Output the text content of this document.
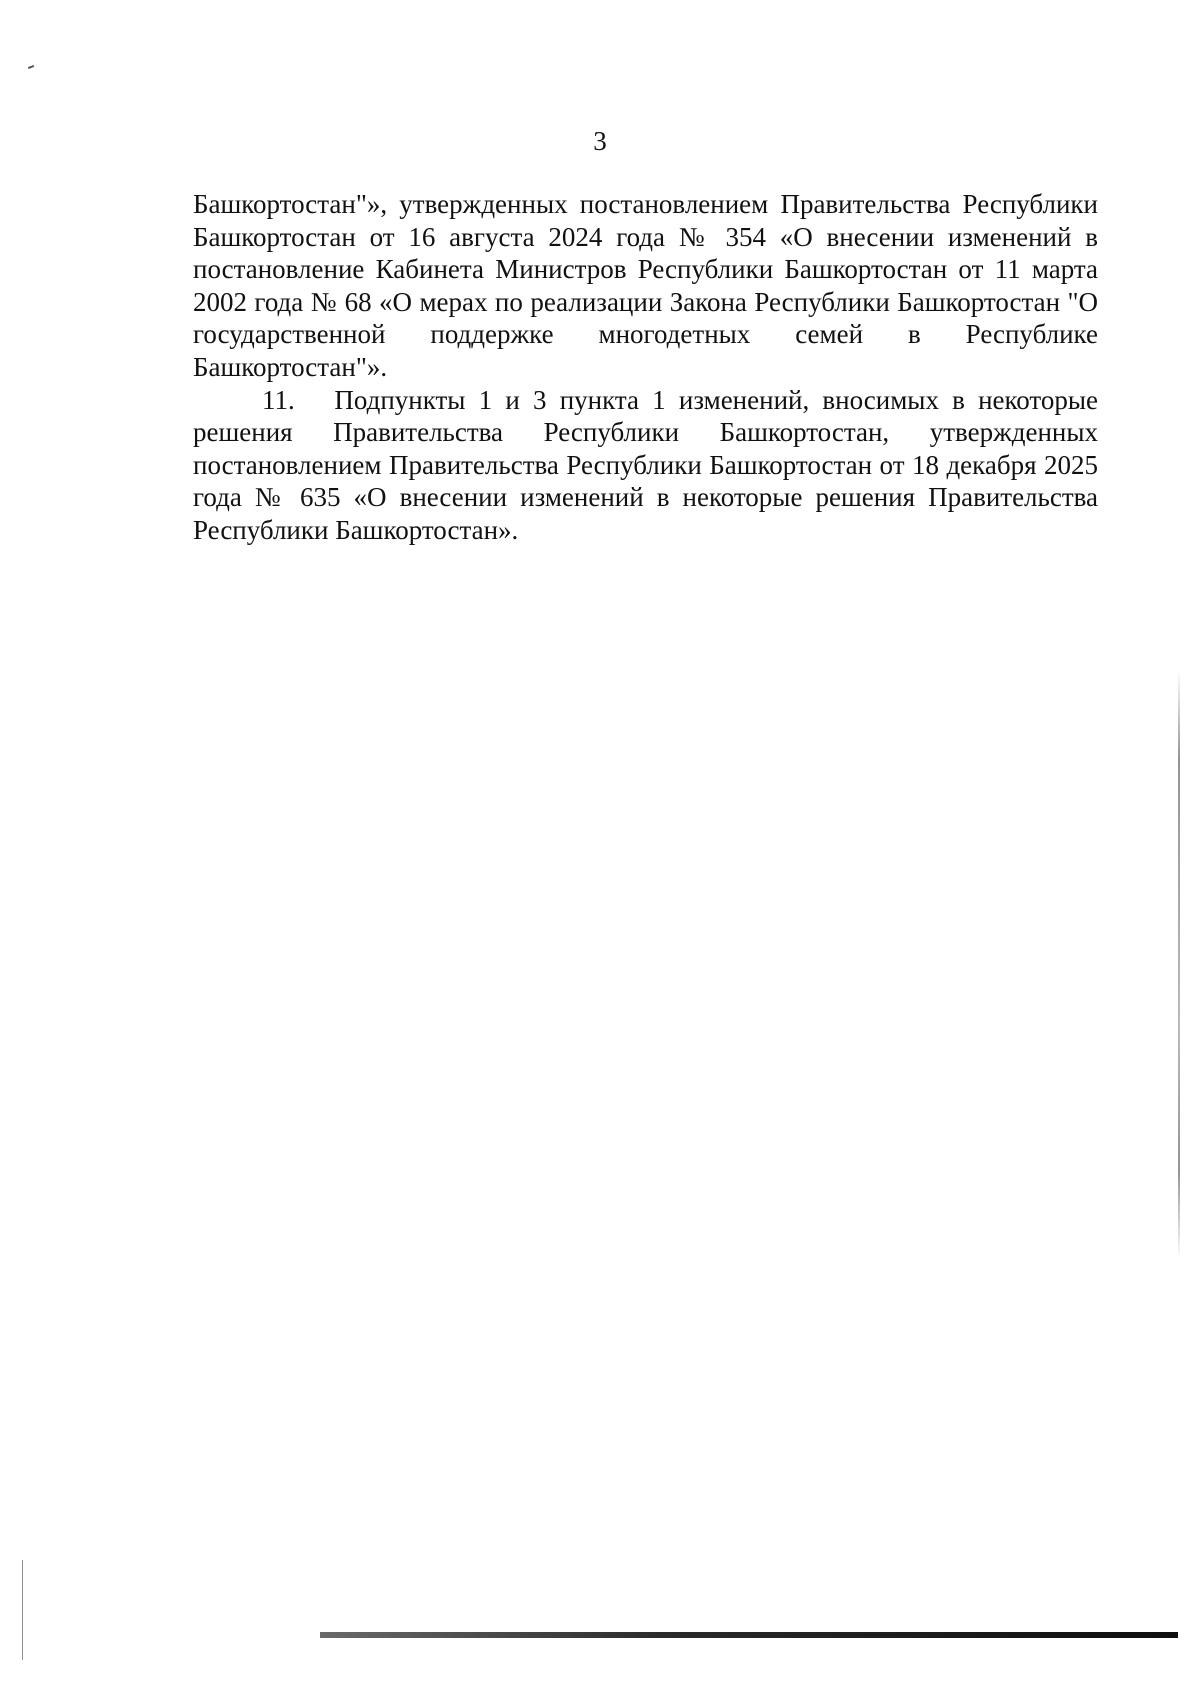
3

Башкортостан"», утвержденных постановлением Правительства Республики Башкортостан от 16 августа 2024 года № 354 «О внесении изменений в постановление Кабинета Министров Республики Башкортостан от 11 марта 2002 года № 68 «О мерах по реализации Закона Республики Башкортостан "О государственной поддержке многодетных семей в Республике Башкортостан"».

11.   Подпункты 1 и 3 пункта 1 изменений, вносимых в некоторые решения Правительства Республики Башкортостан, утвержденных постановлением Правительства Республики Башкортостан от 18 декабря 2025 года № 635 «О внесении изменений в некоторые решения Правительства Республики Башкортостан».
